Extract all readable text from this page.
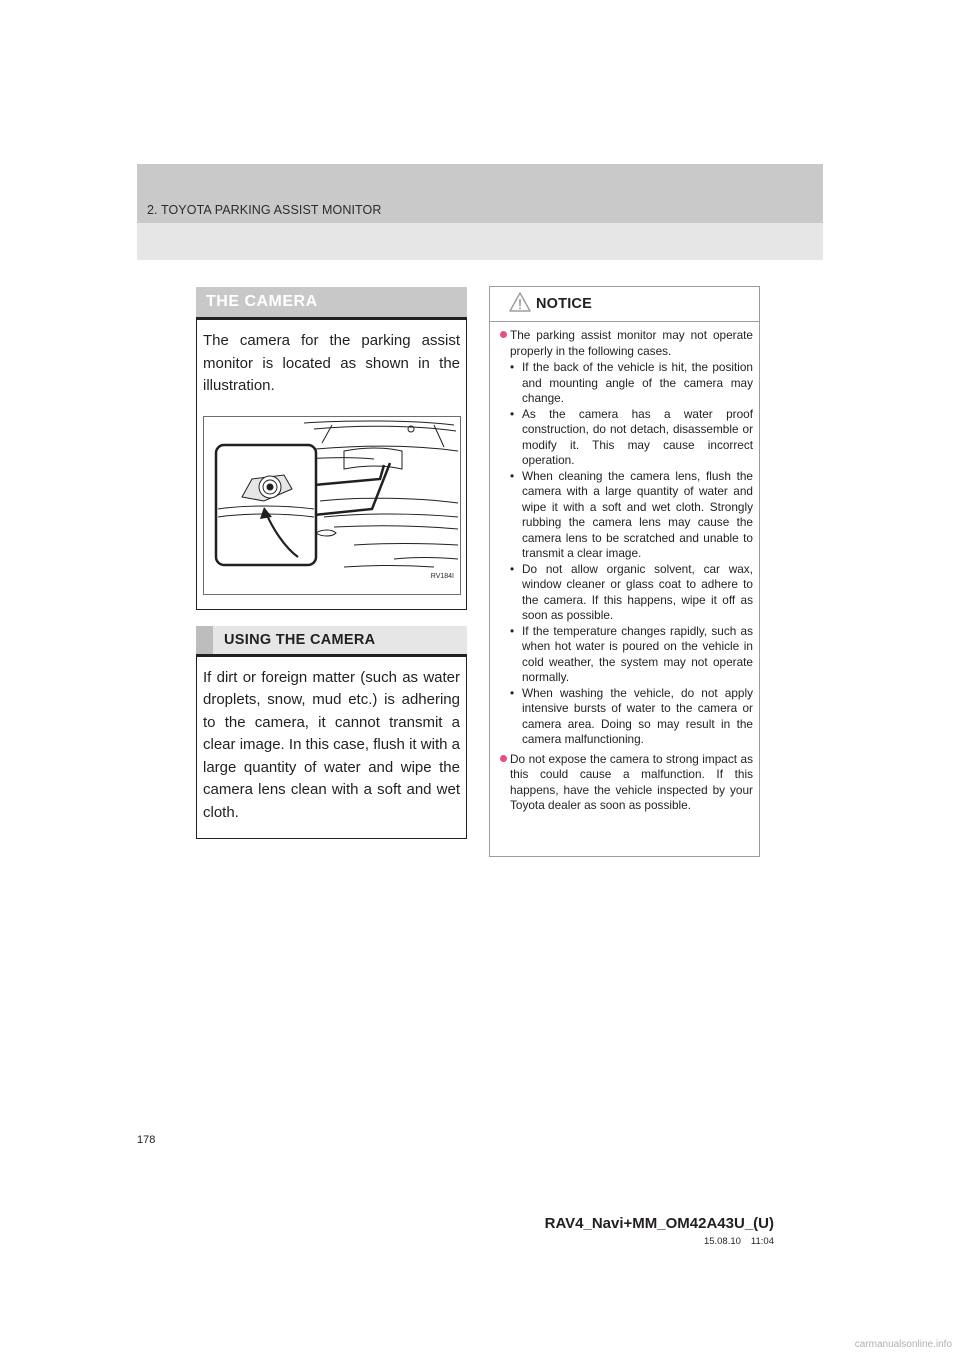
2. TOYOTA PARKING ASSIST MONITOR
THE CAMERA
The camera for the parking assist monitor is located as shown in the illustration.
RV184I
USING THE CAMERA
If dirt or foreign matter (such as water droplets, snow, mud etc.) is adhering to the camera, it cannot transmit a clear image. In this case, flush it with a large quantity of water and wipe the camera lens clean with a soft and wet cloth.
NOTICE
The parking assist monitor may not operate properly in the following cases.
• If the back of the vehicle is hit, the position and mounting angle of the camera may change.
• As the camera has a water proof construction, do not detach, disassemble or modify it. This may cause incorrect operation.
• When cleaning the camera lens, flush the camera with a large quantity of water and wipe it with a soft and wet cloth. Strongly rubbing the camera lens may cause the camera lens to be scratched and unable to transmit a clear image.
• Do not allow organic solvent, car wax, window cleaner or glass coat to adhere to the camera. If this happens, wipe it off as soon as possible.
• If the temperature changes rapidly, such as when hot water is poured on the vehicle in cold weather, the system may not operate normally.
• When washing the vehicle, do not apply intensive bursts of water to the camera or camera area. Doing so may result in the camera malfunctioning.
Do not expose the camera to strong impact as this could cause a malfunction. If this happens, have the vehicle inspected by your Toyota dealer as soon as possible.
178
RAV4_Navi+MM_OM42A43U_(U)
15.08.10 11:04
carmanualsonline.info
